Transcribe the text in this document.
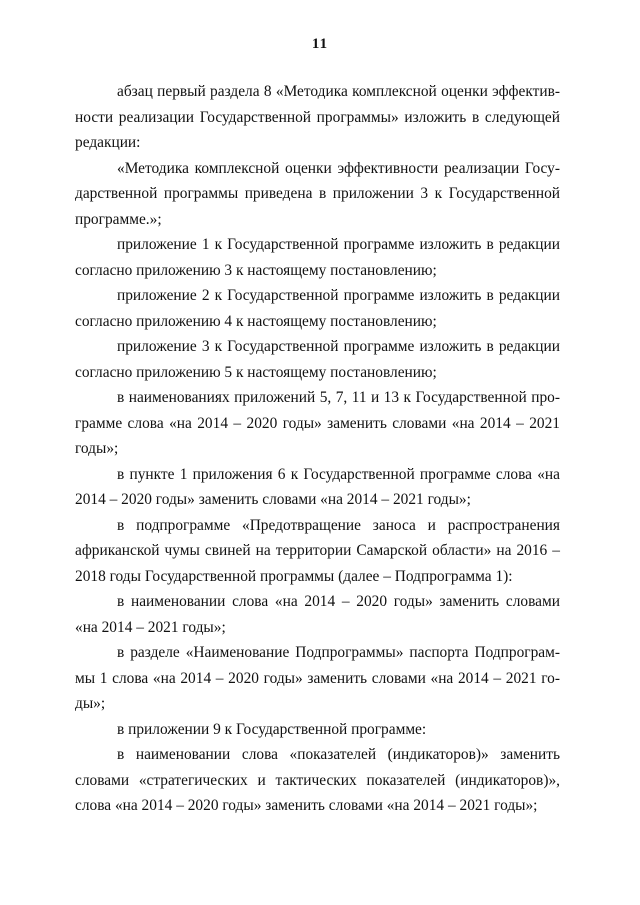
11

абзац первый раздела 8 «Методика комплексной оценки эффективности реализации Государственной программы» изложить в следующей редакции:

«Методика комплексной оценки эффективности реализации Государственной программы приведена в приложении 3 к Государственной программе.»;

приложение 1 к Государственной программе изложить в редакции согласно приложению 3 к настоящему постановлению;

приложение 2 к Государственной программе изложить в редакции согласно приложению 4 к настоящему постановлению;

приложение 3 к Государственной программе изложить в редакции согласно приложению 5 к настоящему постановлению;

в наименованиях приложений 5, 7, 11 и 13 к Государственной программе слова «на 2014 – 2020 годы» заменить словами «на 2014 – 2021 годы»;

в пункте 1 приложения 6 к Государственной программе слова «на 2014 – 2020 годы» заменить словами «на 2014 – 2021 годы»;

в подпрограмме «Предотвращение заноса и распространения африканской чумы свиней на территории Самарской области» на 2016 – 2018 годы Государственной программы (далее – Подпрограмма 1):

в наименовании слова «на 2014 – 2020 годы» заменить словами «на 2014 – 2021 годы»;

в разделе «Наименование Подпрограммы» паспорта Подпрограммы 1 слова «на 2014 – 2020 годы» заменить словами «на 2014 – 2021 годы»;

в приложении 9 к Государственной программе:

в наименовании слова «показателей (индикаторов)» заменить словами «стратегических и тактических показателей (индикаторов)», слова «на 2014 – 2020 годы» заменить словами «на 2014 – 2021 годы»;
